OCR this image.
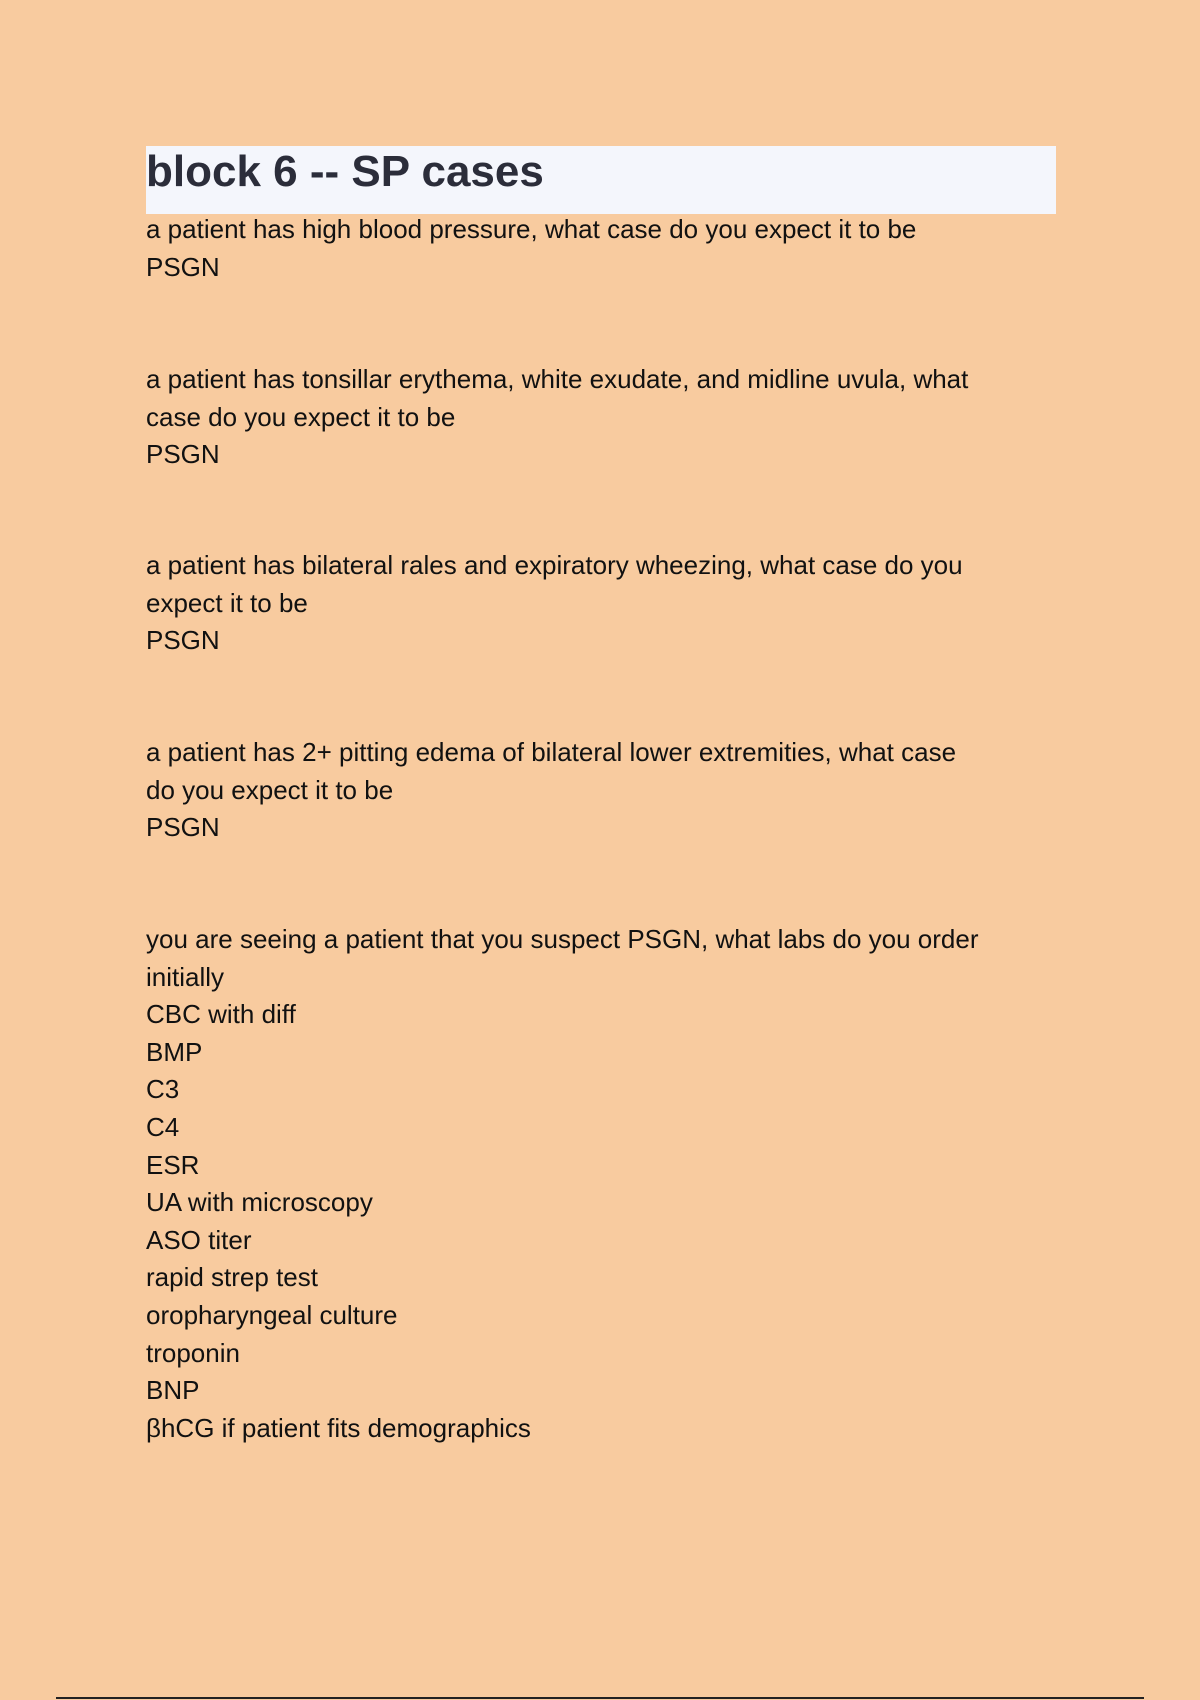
block 6 -- SP cases
a patient has high blood pressure, what case do you expect it to be
PSGN
a patient has tonsillar erythema, white exudate, and midline uvula, what
case do you expect it to be
PSGN
a patient has bilateral rales and expiratory wheezing, what case do you
expect it to be
PSGN
a patient has 2+ pitting edema of bilateral lower extremities, what case
do you expect it to be
PSGN
you are seeing a patient that you suspect PSGN, what labs do you order
initially
CBC with diff
BMP
C3
C4
ESR
UA with microscopy
ASO titer
rapid strep test
oropharyngeal culture
troponin
BNP
βhCG if patient fits demographics
